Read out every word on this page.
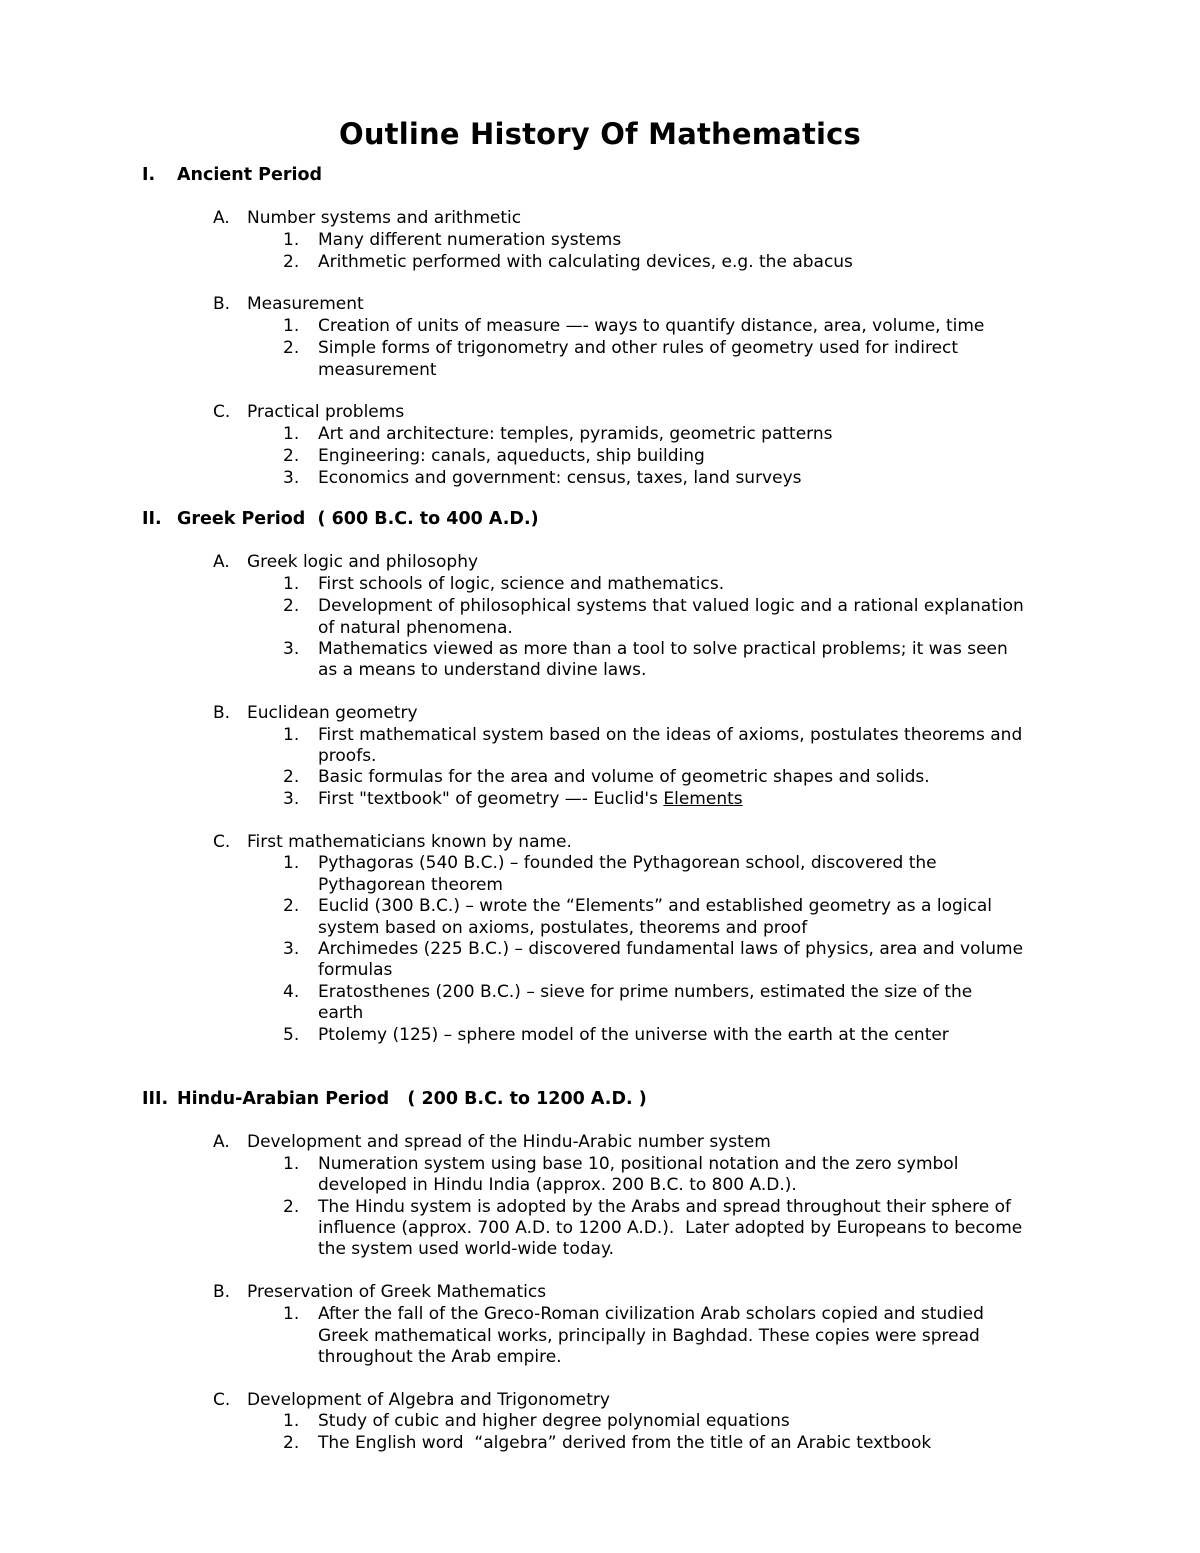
Outline History Of Mathematics
I. Ancient Period
A. Number systems and arithmetic
1. Many different numeration systems
2. Arithmetic performed with calculating devices, e.g. the abacus
B. Measurement
1. Creation of units of measure —- ways to quantify distance, area, volume, time
2. Simple forms of trigonometry and other rules of geometry used for indirect
measurement
C. Practical problems
1. Art and architecture: temples, pyramids, geometric patterns
2. Engineering: canals, aqueducts, ship building
3. Economics and government: census, taxes, land surveys
II. Greek Period  ( 600 B.C. to 400 A.D.)
A. Greek logic and philosophy
1. First schools of logic, science and mathematics.
2. Development of philosophical systems that valued logic and a rational explanation
of natural phenomena.
3. Mathematics viewed as more than a tool to solve practical problems; it was seen
as a means to understand divine laws.
B. Euclidean geometry
1. First mathematical system based on the ideas of axioms, postulates theorems and
proofs.
2. Basic formulas for the area and volume of geometric shapes and solids.
3. First "textbook" of geometry —- Euclid's Elements
C. First mathematicians known by name.
1. Pythagoras (540 B.C.) – founded the Pythagorean school, discovered the
Pythagorean theorem
2. Euclid (300 B.C.) – wrote the “Elements” and established geometry as a logical
system based on axioms, postulates, theorems and proof
3. Archimedes (225 B.C.) – discovered fundamental laws of physics, area and volume
formulas
4. Eratosthenes (200 B.C.) – sieve for prime numbers, estimated the size of the
earth
5. Ptolemy (125) – sphere model of the universe with the earth at the center
III. Hindu-Arabian Period   ( 200 B.C. to 1200 A.D. )
A. Development and spread of the Hindu-Arabic number system
1. Numeration system using base 10, positional notation and the zero symbol
developed in Hindu India (approx. 200 B.C. to 800 A.D.).
2. The Hindu system is adopted by the Arabs and spread throughout their sphere of
influence (approx. 700 A.D. to 1200 A.D.).  Later adopted by Europeans to become
the system used world-wide today.
B. Preservation of Greek Mathematics
1. After the fall of the Greco-Roman civilization Arab scholars copied and studied
Greek mathematical works, principally in Baghdad. These copies were spread
throughout the Arab empire.
C. Development of Algebra and Trigonometry
1. Study of cubic and higher degree polynomial equations
2. The English word  “algebra” derived from the title of an Arabic textbook
